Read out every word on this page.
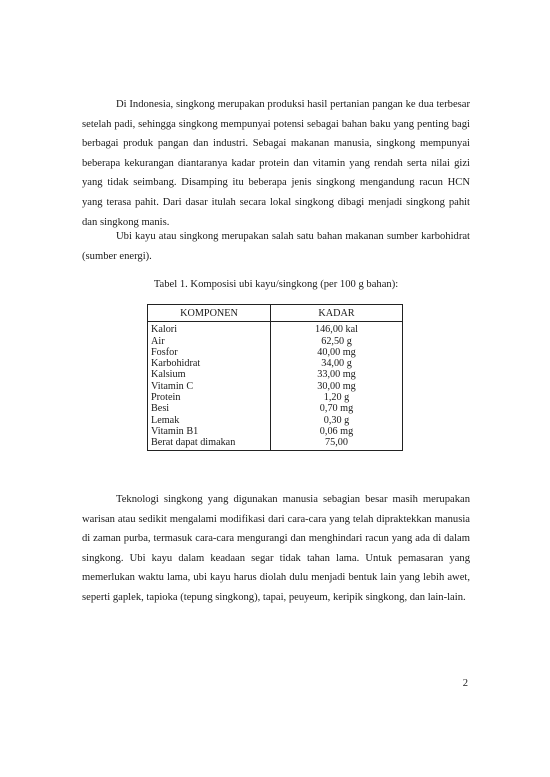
Di Indonesia, singkong merupakan produksi hasil pertanian pangan ke dua terbesar setelah padi, sehingga singkong mempunyai potensi sebagai bahan baku yang penting bagi berbagai produk pangan dan industri. Sebagai makanan manusia, singkong mempunyai beberapa kekurangan diantaranya kadar protein dan vitamin yang rendah serta nilai gizi yang tidak seimbang. Disamping itu beberapa jenis singkong mengandung racun HCN yang terasa pahit. Dari dasar itulah secara lokal singkong dibagi menjadi singkong pahit dan singkong manis.

Ubi kayu atau singkong merupakan salah satu bahan makanan sumber karbohidrat (sumber energi).

Tabel 1. Komposisi ubi kayu/singkong (per 100 g bahan):
KOMPONEN	KADAR
Kalori	146,00 kal
Air	62,50 g
Fosfor	40,00 mg
Karbohidrat	34,00 g
Kalsium	33,00 mg
Vitamin C	30,00 mg
Protein	1,20 g
Besi	0,70 mg
Lemak	0,30 g
Vitamin B1	0,06 mg
Berat dapat dimakan	75,00

Teknologi singkong yang digunakan manusia sebagian besar masih merupakan warisan atau sedikit mengalami modifikasi dari cara-cara yang telah dipraktekkan manusia di zaman purba, termasuk cara-cara mengurangi dan menghindari racun yang ada di dalam singkong. Ubi kayu dalam keadaan segar tidak tahan lama. Untuk pemasaran yang memerlukan waktu lama, ubi kayu harus diolah dulu menjadi bentuk lain yang lebih awet, seperti gaplek, tapioka (tepung singkong), tapai, peuyeum, keripik singkong, dan lain-lain.

2
